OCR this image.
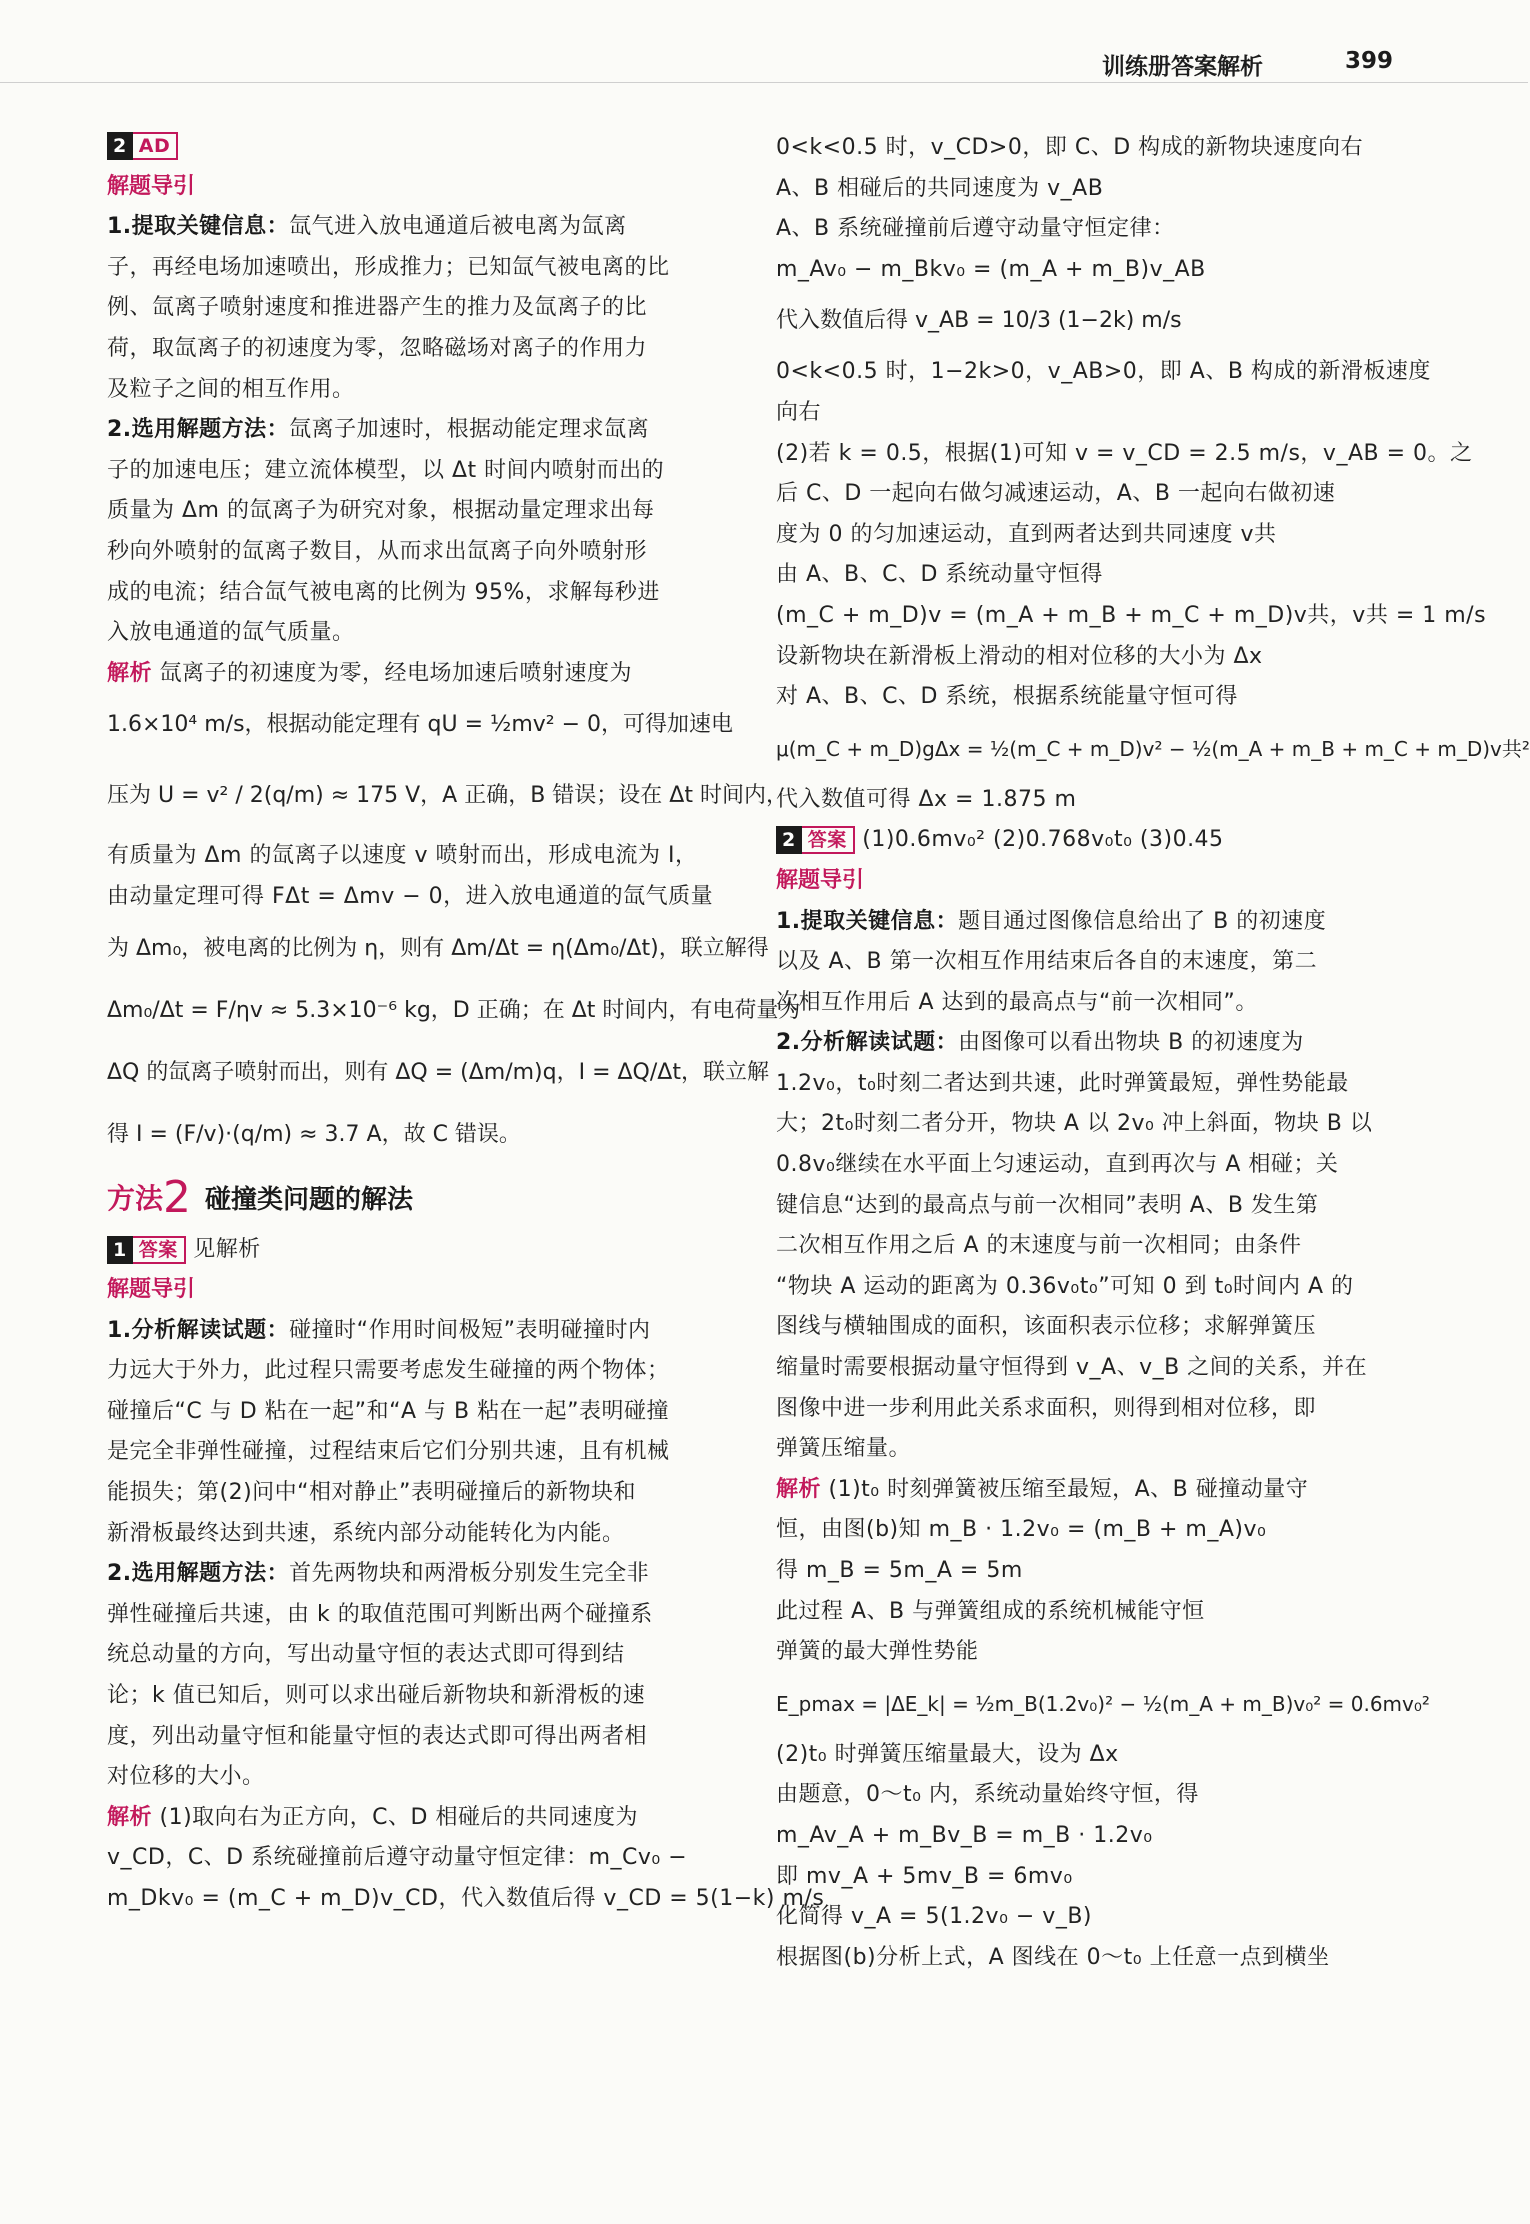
训练册答案解析	399
2 AD
解题导引
1.提取关键信息：氙气进入放电通道后被电离为氙离
子，再经电场加速喷出，形成推力；已知氙气被电离的比
例、氙离子喷射速度和推进器产生的推力及氙离子的比
荷，取氙离子的初速度为零，忽略磁场对离子的作用力
及粒子之间的相互作用。
2.选用解题方法：氙离子加速时，根据动能定理求氙离
子的加速电压；建立流体模型，以 Δt 时间内喷射而出的
质量为 Δm 的氙离子为研究对象，根据动量定理求出每
秒向外喷射的氙离子数目，从而求出氙离子向外喷射形
成的电流；结合氙气被电离的比例为 95%，求解每秒进
入放电通道的氙气质量。
解析 氙离子的初速度为零，经电场加速后喷射速度为
1.6×10⁴ m/s，根据动能定理有 qU = ½mv² − 0，可得加速电
压为 U = v² / 2(q/m) ≈ 175 V，A 正确，B 错误；设在 Δt 时间内，
有质量为 Δm 的氙离子以速度 v 喷射而出，形成电流为 I，
由动量定理可得 FΔt = Δmv − 0，进入放电通道的氙气质量
为 Δm₀，被电离的比例为 η，则有 Δm/Δt = η(Δm₀/Δt)，联立解得
Δm₀/Δt = F/ηv ≈ 5.3×10⁻⁶ kg，D 正确；在 Δt 时间内，有电荷量为
ΔQ 的氙离子喷射而出，则有 ΔQ = (Δm/m)q，I = ΔQ/Δt，联立解
得 I = (F/v)·(q/m) ≈ 3.7 A，故 C 错误。
方法2 碰撞类问题的解法
1 答案 见解析
解题导引
1.分析解读试题：碰撞时“作用时间极短”表明碰撞时内
力远大于外力，此过程只需要考虑发生碰撞的两个物体；
碰撞后“C 与 D 粘在一起”和“A 与 B 粘在一起”表明碰撞
是完全非弹性碰撞，过程结束后它们分别共速，且有机械
能损失；第(2)问中“相对静止”表明碰撞后的新物块和
新滑板最终达到共速，系统内部分动能转化为内能。
2.选用解题方法：首先两物块和两滑板分别发生完全非
弹性碰撞后共速，由 k 的取值范围可判断出两个碰撞系
统总动量的方向，写出动量守恒的表达式即可得到结
论；k 值已知后，则可以求出碰后新物块和新滑板的速
度，列出动量守恒和能量守恒的表达式即可得出两者相
对位移的大小。
解析 (1)取向右为正方向，C、D 相碰后的共同速度为
v_CD，C、D 系统碰撞前后遵守动量守恒定律：m_Cv₀ −
m_Dkv₀ = (m_C + m_D)v_CD，代入数值后得 v_CD = 5(1−k) m/s
0<k<0.5 时，v_CD>0，即 C、D 构成的新物块速度向右
A、B 相碰后的共同速度为 v_AB
A、B 系统碰撞前后遵守动量守恒定律：
m_Av₀ − m_Bkv₀ = (m_A + m_B)v_AB
代入数值后得 v_AB = 10/3 (1−2k) m/s
0<k<0.5 时，1−2k>0，v_AB>0，即 A、B 构成的新滑板速度
向右
(2)若 k = 0.5，根据(1)可知 v = v_CD = 2.5 m/s，v_AB = 0。之
后 C、D 一起向右做匀减速运动，A、B 一起向右做初速
度为 0 的匀加速运动，直到两者达到共同速度 v共
由 A、B、C、D 系统动量守恒得
(m_C + m_D)v = (m_A + m_B + m_C + m_D)v共，v共 = 1 m/s
设新物块在新滑板上滑动的相对位移的大小为 Δx
对 A、B、C、D 系统，根据系统能量守恒可得
μ(m_C + m_D)gΔx = ½(m_C + m_D)v² − ½(m_A + m_B + m_C + m_D)v共²
代入数值可得 Δx = 1.875 m
2 答案 (1)0.6mv₀² (2)0.768v₀t₀ (3)0.45
解题导引
1.提取关键信息：题目通过图像信息给出了 B 的初速度
以及 A、B 第一次相互作用结束后各自的末速度，第二
次相互作用后 A 达到的最高点与“前一次相同”。
2.分析解读试题：由图像可以看出物块 B 的初速度为
1.2v₀，t₀时刻二者达到共速，此时弹簧最短，弹性势能最
大；2t₀时刻二者分开，物块 A 以 2v₀ 冲上斜面，物块 B 以
0.8v₀继续在水平面上匀速运动，直到再次与 A 相碰；关
键信息“达到的最高点与前一次相同”表明 A、B 发生第
二次相互作用之后 A 的末速度与前一次相同；由条件
“物块 A 运动的距离为 0.36v₀t₀”可知 0 到 t₀时间内 A 的
图线与横轴围成的面积，该面积表示位移；求解弹簧压
缩量时需要根据动量守恒得到 v_A、v_B 之间的关系，并在
图像中进一步利用此关系求面积，则得到相对位移，即
弹簧压缩量。
解析 (1)t₀ 时刻弹簧被压缩至最短，A、B 碰撞动量守
恒，由图(b)知 m_B · 1.2v₀ = (m_B + m_A)v₀
得 m_B = 5m_A = 5m
此过程 A、B 与弹簧组成的系统机械能守恒
弹簧的最大弹性势能
E_pmax = |ΔE_k| = ½m_B(1.2v₀)² − ½(m_A + m_B)v₀² = 0.6mv₀²
(2)t₀ 时弹簧压缩量最大，设为 Δx
由题意，0～t₀ 内，系统动量始终守恒，得
m_Av_A + m_Bv_B = m_B · 1.2v₀
即 mv_A + 5mv_B = 6mv₀
化简得 v_A = 5(1.2v₀ − v_B)
根据图(b)分析上式，A 图线在 0～t₀ 上任意一点到横坐
